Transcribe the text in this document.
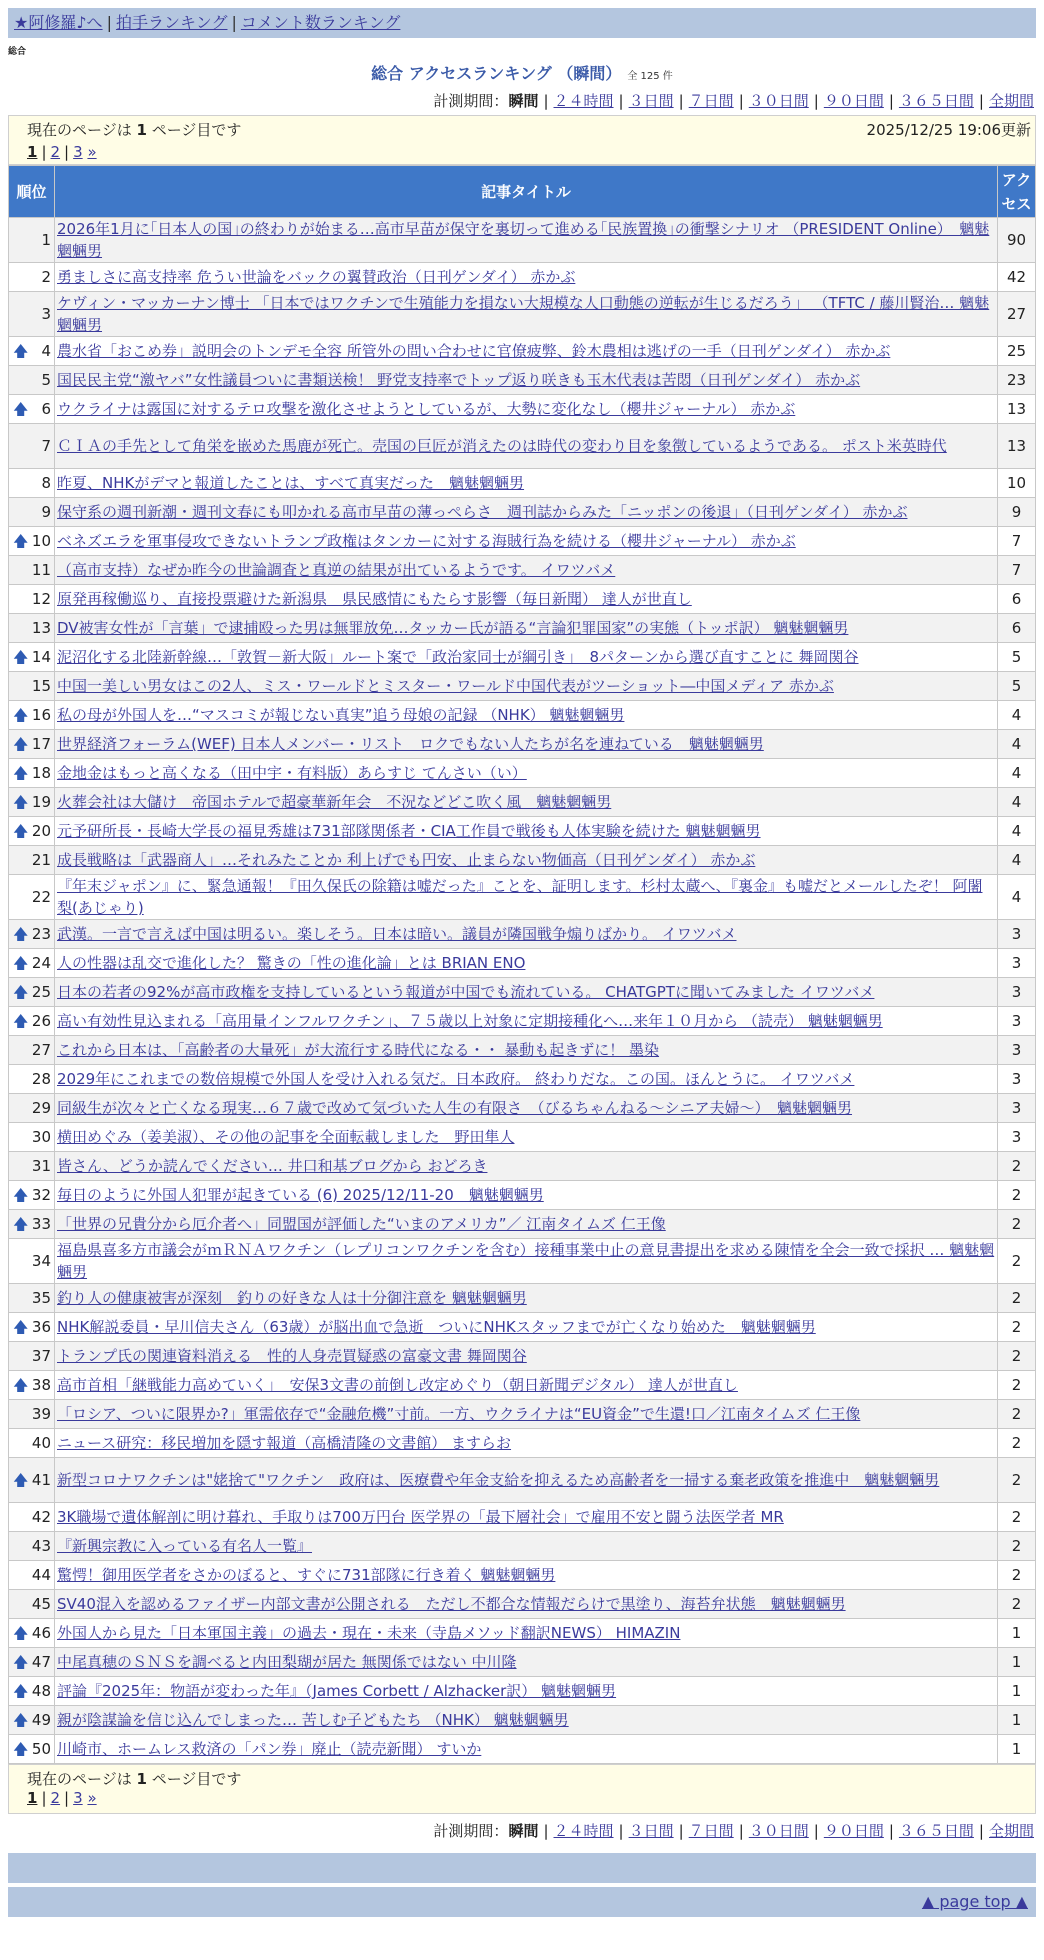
★阿修羅♪へ | 拍手ランキング | コメント数ランキング
総合
総合 アクセスランキング （瞬間） 全 125 件
計測期間：瞬間 | ２４時間 | ３日間 | ７日間 | ３０日間 | ９０日間 | ３６５日間 | 全期間
現在のページは 1 ページ目です	2025/12/25 19:06更新
1 | 2 | 3 »
順位	記事タイトル	アクセス
1	2026年1月に｢日本人の国｣の終わりが始まる…高市早苗が保守を裏切って進める｢民族置換｣の衝撃シナリオ （PRESIDENT Online）　魑魅魍魎男	90
2	勇ましさに高支持率 危うい世論をバックの翼賛政治（日刊ゲンダイ） 赤かぶ	42
3	ケヴィン・マッカーナン博士 「日本ではワクチンで生殖能力を損ない大規模な人口動態の逆転が生じるだろう」 （TFTC / 藤川賢治… 魑魅魍魎男	27

🡅 4	農水省「おこめ券」説明会のトンデモ全容 所管外の問い合わせに官僚疲弊、鈴木農相は逃げの一手（日刊ゲンダイ） 赤かぶ	25
5	国民民主党“激ヤバ”女性議員ついに書類送検！ 野党支持率でトップ返り咲きも玉木代表は苦悶（日刊ゲンダイ） 赤かぶ	23

🡅 6	ウクライナは露国に対するテロ攻撃を激化させようとしているが、大勢に変化なし（櫻井ジャーナル） 赤かぶ	13
7	ＣＩＡの手先として角栄を嵌めた馬鹿が死亡。売国の巨匠が消えたのは時代の変わり目を象徴しているようである。 ポスト米英時代	13
8	昨夏、NHKがデマと報道したことは、すべて真実だった　魑魅魍魎男	10
9	保守系の週刊新潮・週刊文春にも叩かれる高市早苗の薄っぺらさ　週刊誌からみた「ニッポンの後退」（日刊ゲンダイ） 赤かぶ	9

🡅 10	ベネズエラを軍事侵攻できないトランプ政権はタンカーに対する海賊行為を続ける（櫻井ジャーナル） 赤かぶ	7
11	（高市支持）なぜか昨今の世論調査と真逆の結果が出ているようです。 イワツバメ	7
12	原発再稼働巡り、直接投票避けた新潟県　県民感情にもたらす影響（毎日新聞） 達人が世直し	6
13	DV被害女性が「言葉」で逮捕殴った男は無罪放免…タッカー氏が語る“言論犯罪国家”の実態（トッポ訳） 魑魅魍魎男	6

🡅 14	泥沼化する北陸新幹線…「敦賀－新大阪」ルート案で「政治家同士が綱引き」　8パターンから選び直すことに 舞岡関谷	5
15	中国一美しい男女はこの2人、ミス・ワールドとミスター・ワールド中国代表がツーショット―中国メディア 赤かぶ	5

🡅 16	私の母が外国人を…“マスコミが報じない真実”追う母娘の記録 （NHK） 魑魅魍魎男	4

🡅 17	世界経済フォーラム(WEF) 日本人メンバー・リスト　ロクでもない人たちが名を連ねている　魑魅魍魎男	4

🡅 18	金地金はもっと高くなる（田中宇・有料版）あらすじ てんさい（い）	4

🡅 19	火葬会社は大儲け　帝国ホテルで超豪華新年会　不況などどこ吹く風　魑魅魍魎男	4

🡅 20	元予研所長・長崎大学長の福見秀雄は731部隊関係者・CIA工作員で戦後も人体実験を続けた 魑魅魍魎男	4
21	成長戦略は「武器商人」…それみたことか 利上げでも円安、止まらない物価高（日刊ゲンダイ） 赤かぶ	4
22	『年末ジャポン』に、緊急通報！『田久保氏の除籍は嘘だった』ことを、証明します。杉村太蔵へ、『裏金』も嘘だとメールしたぞ！ 阿闍梨(あじゃり)	4

🡅 23	武漢。一言で言えば中国は明るい。楽しそう。日本は暗い。議員が隣国戦争煽りばかり。 イワツバメ	3

🡅 24	人の性器は乱交で進化した？ 驚きの「性の進化論」とは BRIAN ENO	3

🡅 25	日本の若者の92%が高市政権を支持しているという報道が中国でも流れている。 CHATGPTに聞いてみました イワツバメ	3

🡅 26	高い有効性見込まれる「高用量インフルワクチン」、７５歳以上対象に定期接種化へ…来年１０月から （読売） 魑魅魍魎男	3
27	これから日本は、「高齢者の大量死」が大流行する時代になる・・ 暴動も起きずに！ 墨染	3
28	2029年にこれまでの数倍規模で外国人を受け入れる気だ。日本政府。 終わりだな。この国。ほんとうに。 イワツバメ	3
29	同級生が次々と亡くなる現実…６７歳で改めて気づいた人生の有限さ　（びるちゃんねる～シニア夫婦～）　魑魅魍魎男	3
30	横田めぐみ（姜美淑）、その他の記事を全面転載しました　野田隼人	3
31	皆さん、どうか読んでください… 井口和基ブログから おどろき	2

🡅 32	毎日のように外国人犯罪が起きている (6) 2025/12/11-20　魑魅魍魎男	2

🡅 33	「世界の兄貴分から厄介者へ」同盟国が評価した“いまのアメリカ”／ 江南タイムズ 仁王像	2
34	福島県喜多方市議会がｍＲＮＡワクチン（レプリコンワクチンを含む）接種事業中止の意見書提出を求める陳情を全会一致で採択 … 魑魅魍魎男	2
35	釣り人の健康被害が深刻　釣りの好きな人は十分御注意を 魑魅魍魎男	2

🡅 36	NHK解説委員・早川信夫さん（63歳）が脳出血で急逝　ついにNHKスタッフまでが亡くなり始めた　魑魅魍魎男	2
37	トランプ氏の関連資料消える　性的人身売買疑惑の富豪文書 舞岡関谷	2

🡅 38	高市首相「継戦能力高めていく」　安保3文書の前倒し改定めぐり（朝日新聞デジタル） 達人が世直し	2
39	「ロシア、ついに限界か?」軍需依存で“金融危機”寸前。一方、ウクライナは“EU資金”で生還!口／江南タイムズ 仁王像	2
40	ニュース研究：移民増加を隠す報道（高橋清隆の文書館） ますらお	2

🡅 41	新型コロナワクチンは"姥捨て"ワクチン　政府は、医療費や年金支給を抑えるため高齢者を一掃する棄老政策を推進中　魑魅魍魎男	2
42	3K職場で遺体解剖に明け暮れ、手取りは700万円台 医学界の「最下層社会」で雇用不安と闘う法医学者 MR	2
43	『新興宗教に入っている有名人一覧』	2
44	驚愕！御用医学者をさかのぼると、すぐに731部隊に行き着く 魑魅魍魎男	2
45	SV40混入を認めるファイザー内部文書が公開される　ただし不都合な情報だらけで黒塗り、海苔弁状態　魑魅魍魎男	2

🡅 46	外国人から見た「日本軍国主義」の過去・現在・未来（寺島メソッド翻訳NEWS） HIMAZIN	1

🡅 47	中尾真穂のＳＮＳを調べると内田梨瑚が居た 無関係ではない 中川隆	1

🡅 48	評論『2025年：物語が変わった年』（James Corbett / Alzhacker訳） 魑魅魍魎男	1

🡅 49	親が陰謀論を信じ込んでしまった… 苦しむ子どもたち （NHK） 魑魅魍魎男	1

🡅 50	川崎市、ホームレス救済の「パン券」廃止（読売新聞） すいか	1
現在のページは 1 ページ目です
1 | 2 | 3 »
計測期間：瞬間 | ２４時間 | ３日間 | ７日間 | ３０日間 | ９０日間 | ３６５日間 | 全期間
▲ page top ▲
